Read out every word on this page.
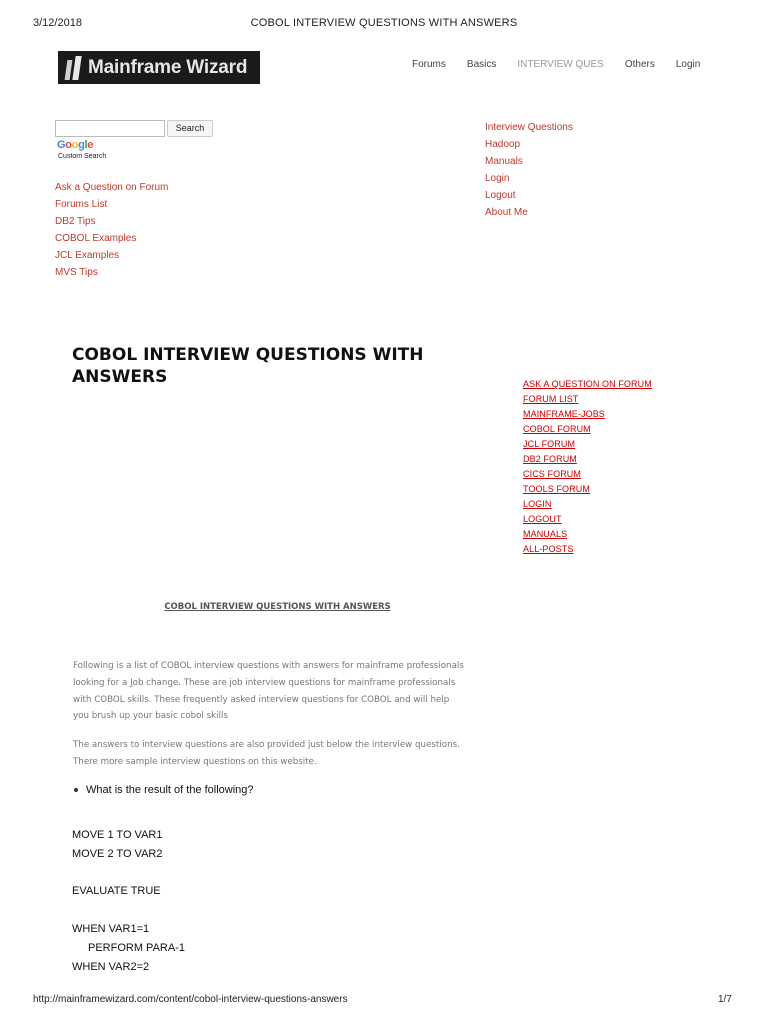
3/12/2018	COBOL INTERVIEW QUESTIONS WITH ANSWERS
Mainframe Wizard	Forums Basics INTERVIEW QUES Others Login
Search
Google
Custom Search
Ask a Question on Forum
Forums List
DB2 Tips
COBOL Examples
JCL Examples
MVS Tips
Interview Questions
Hadoop
Manuals
Login
Logout
About Me
COBOL INTERVIEW QUESTIONS WITH ANSWERS	ASK A QUESTION ON FORUM
FORUM LIST
MAINFRAME-JOBS
COBOL FORUM
JCL FORUM
DB2 FORUM
CICS FORUM
TOOLS FORUM
LOGIN
LOGOUT
MANUALS
ALL-POSTS
COBOL INTERVIEW QUESTIONS WITH ANSWERS
Following is a list of COBOL interview questions with answers for mainframe professionals
looking for a Job change. These are job interview questions for mainframe professionals
with COBOL skills. These frequently asked interview questions for COBOL and will help
you brush up your basic cobol skills
The answers to interview questions are also provided just below the interview questions.
There more sample interview questions on this website.
What is the result of the following?
MOVE 1 TO VAR1
MOVE 2 TO VAR2
EVALUATE TRUE
WHEN VAR1=1
PERFORM PARA-1
WHEN VAR2=2
http://mainframewizard.com/content/cobol-interview-questions-answers	1/7
